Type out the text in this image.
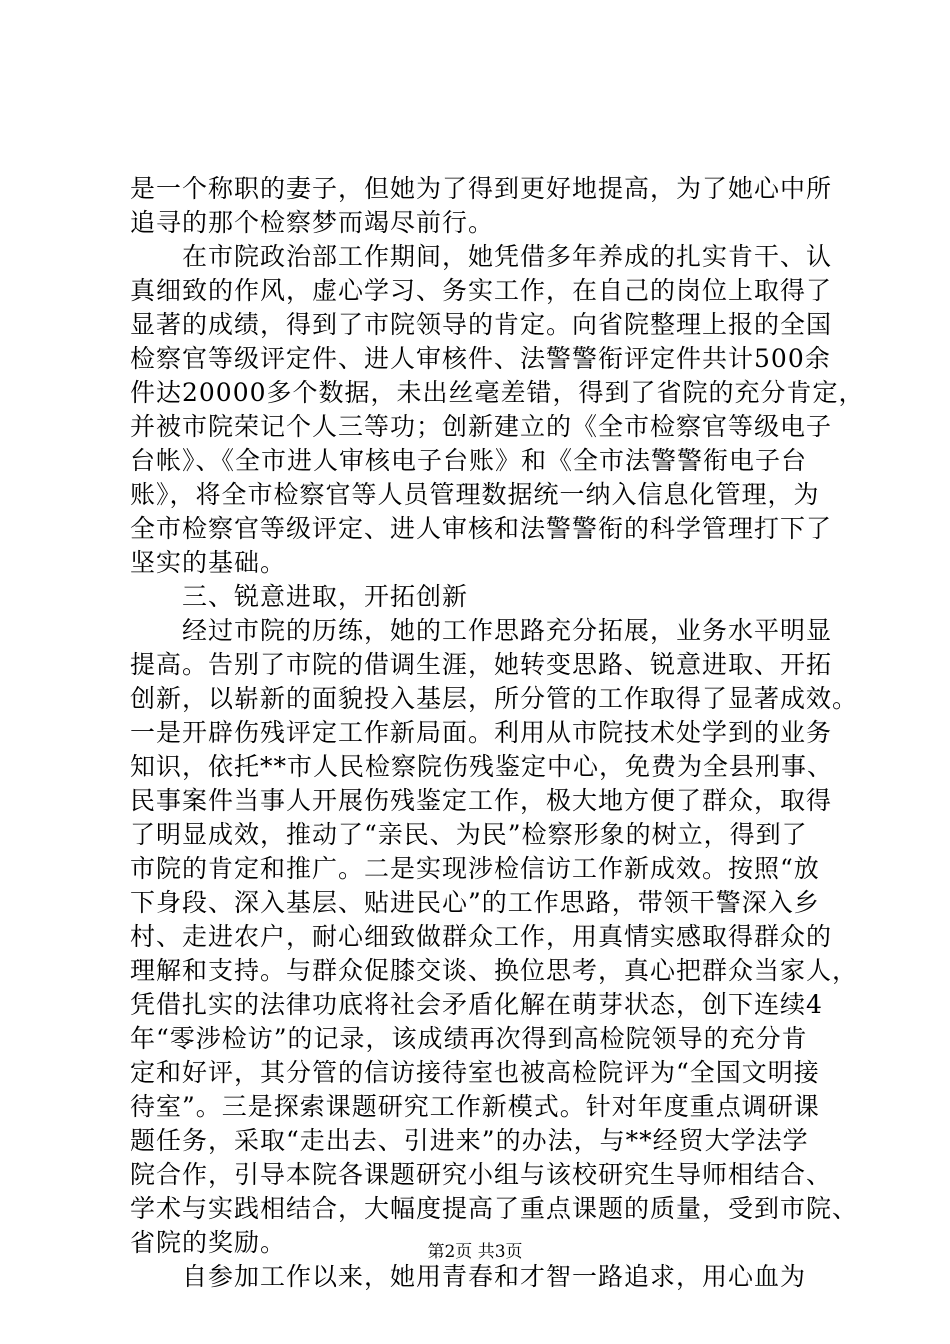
是一个称职的妻子，但她为了得到更好地提高，为了她心中所
追寻的那个检察梦而竭尽前行。
　　在市院政治部工作期间，她凭借多年养成的扎实肯干、认
真细致的作风，虚心学习、务实工作，在自己的岗位上取得了
显著的成绩，得到了市院领导的肯定。向省院整理上报的全国
检察官等级评定件、进人审核件、法警警衔评定件共计500余
件达20000多个数据，未出丝毫差错，得到了省院的充分肯定，
并被市院荣记个人三等功；创新建立的《全市检察官等级电子
台帐》、《全市进人审核电子台账》和《全市法警警衔电子台
账》，将全市检察官等人员管理数据统一纳入信息化管理，为
全市检察官等级评定、进人审核和法警警衔的科学管理打下了
坚实的基础。
　　三、锐意进取，开拓创新
　　经过市院的历练，她的工作思路充分拓展，业务水平明显
提高。告别了市院的借调生涯，她转变思路、锐意进取、开拓
创新，以崭新的面貌投入基层，所分管的工作取得了显著成效。
一是开辟伤残评定工作新局面。利用从市院技术处学到的业务
知识，依托**市人民检察院伤残鉴定中心，免费为全县刑事、
民事案件当事人开展伤残鉴定工作，极大地方便了群众，取得
了明显成效，推动了“亲民、为民”检察形象的树立，得到了
市院的肯定和推广。二是实现涉检信访工作新成效。按照“放
下身段、深入基层、贴进民心”的工作思路，带领干警深入乡
村、走进农户，耐心细致做群众工作，用真情实感取得群众的
理解和支持。与群众促膝交谈、换位思考，真心把群众当家人，
凭借扎实的法律功底将社会矛盾化解在萌芽状态，创下连续4
年“零涉检访”的记录，该成绩再次得到高检院领导的充分肯
定和好评，其分管的信访接待室也被高检院评为“全国文明接
待室”。三是探索课题研究工作新模式。针对年度重点调研课
题任务，采取“走出去、引进来”的办法，与**经贸大学法学
院合作，引导本院各课题研究小组与该校研究生导师相结合、
学术与实践相结合，大幅度提高了重点课题的质量，受到市院、
省院的奖励。
　　自参加工作以来，她用青春和才智一路追求，用心血为
第2页 共3页
